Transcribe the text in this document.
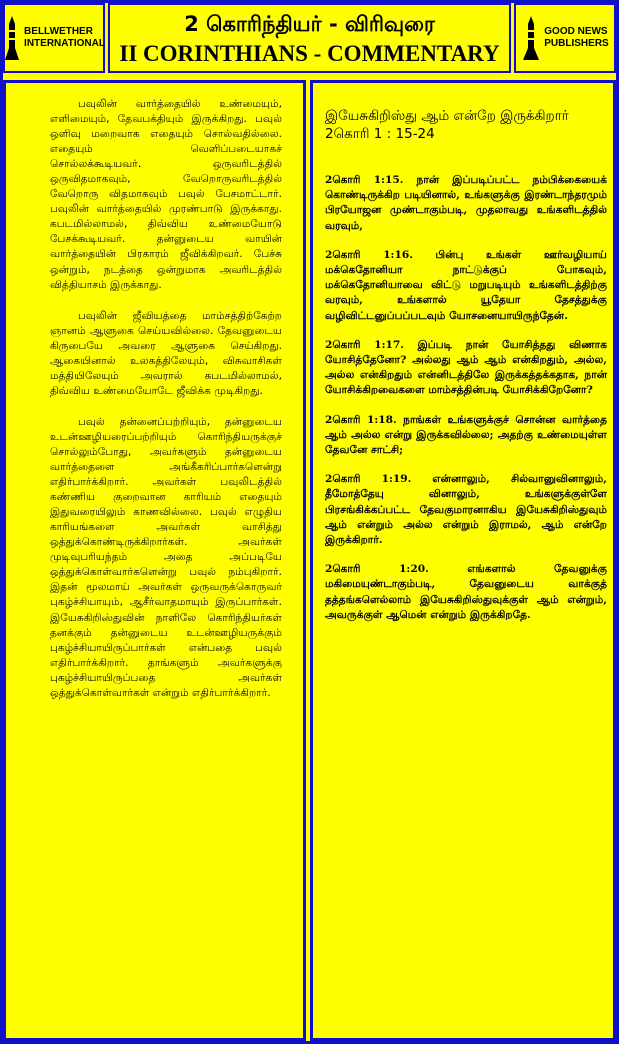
BELLWETHER
INTERNATIONAL
2 கொரிந்தியர் - விரிவுரை
II CORINTHIANS - COMMENTARY
GOOD NEWS
PUBLISHERS

பவுலின் வார்த்தையில் உண்மையும், எளிமையும், தேவபக்தியும் இருக்கிறது. பவுல் ஒளிவு மறைவாக எதையும் சொல்வதில்லை. எதையும் வெளிப்படையாகச் சொல்லக்கூடியவர். ஒருவரிடத்தில் ஒருவிதமாகவும், வேறொருவரிடத்தில் வேறொரு விதமாகவும் பவுல் பேசமாட்டார். பவுலின் வார்த்தையில் முரண்பாடு இருக்காது. கபடமில்லாமல், திவ்விய உண்மையோடு பேசக்கூடியவர். தன்னுடைய வாயின் வார்த்தையின் பிரகாரம் ஜீவிக்கிறவர். பேச்சு ஒன்றும், நடத்தை ஒன்றுமாக அவரிடத்தில் வித்தியாசம் இருக்காது.

பவுலின் ஜீவியத்தை மாம்சத்திற்கேற்ற ஞானம் ஆளுகை செய்யவில்லை. தேவனுடைய கிருபையே அவரை ஆளுகை செய்கிறது. ஆகையினால் உலகத்திலேயும், விசுவாசிகள் மத்தியிலேயும் அவரால் கபடமில்லாமல், திவ்விய உண்மையோடே ஜீவிக்க முடிகிறது.

பவுல் தன்னைப்பற்றியும், தன்னுடைய உடன்ஊழியரைப்பற்றியும் கொரிந்தியருக்குச் சொல்லும்போது, அவர்களும் தன்னுடைய வார்த்தைளை அங்கீகரிப்பார்களென்று எதிர்பார்க்கிறார். அவர்கள் பவுலிடத்தில் கண்ணிய குறைவான காரியம் எதையும் இதுவரையிலும் காணவில்லை. பவுல் எழுதிய காரியங்களை அவர்கள் வாசித்து ஒத்துக்கொண்டிருக்கிறார்கள். அவர்கள் முடிவுபரியந்தம் அதை அப்படியே ஒத்துக்கொள்வார்களென்று பவுல் நம்புகிறார். இதன் மூலமாய் அவர்கள் ஒருவருக்கொருவர் புகழ்ச்சியாயும், ஆசீர்வாதமாயும் இருப்பார்கள். இயேசுகிறிஸ்துவின் நாளிலே கொரிந்தியர்கள் தனக்கும் தன்னுடைய உடன்ஊழியருக்கும் புகழ்ச்சியாயிருப்பார்கள் என்பதை பவுல் எதிர்பார்க்கிறார். தாங்களும் அவர்களுக்கு புகழ்ச்சியாயிருப்பதை அவர்கள் ஒத்துக்கொள்வார்கள் என்றும் எதிர்பார்க்கிறார்.

இயேசுகிறிஸ்து ஆம் என்றே இருக்கிறார்
2கொரி 1 : 15-24

2கொரி 1:15. நான் இப்படிப்பட்ட நம்பிக்கையைக் கொண்டிருக்கிற படியினால், உங்களுக்கு இரண்டாந்தரமும் பிரயோஜன முண்டாகும்படி, முதலாவது உங்களிடத்தில் வரவும்,

2கொரி 1:16. பின்பு உங்கள் ஊர்வழியாய் மக்கெதோனியா நாட்டுக்குப் போகவும், மக்கெதோனியாவை விட்டு மறுபடியும் உங்களிடத்திற்கு வரவும், உங்களால் யூதேயா தேசத்துக்கு வழிவிட்டனுப்பப்படவும் யோசனையாயிருந்தேன்.

2கொரி 1:17. இப்படி நான் யோசித்தது விணாக யோசித்தேனோ? அல்லது ஆம் ஆம் என்கிறதும், அல்ல, அல்ல என்கிறதும் என்னிடத்திலே இருக்கத்தக்கதாக, நான் யோசிக்கிறவைகளை மாம்சத்தின்படி யோசிக்கிறேனோ?

2கொரி 1:18. நாங்கள் உங்களுக்குச் சொன்ன வார்த்தை ஆம் அல்ல என்று இருக்கவில்லை; அதற்கு உண்மையுள்ள தேவனே சாட்சி;

2கொரி 1:19. என்னாலும், சில்வானுவினாலும், தீமோத்தேயு வினாலும், உங்களுக்குள்ளே பிரசங்கிக்கப்பட்ட தேவகுமாரனாகிய இயேசுகிறிஸ்துவும் ஆம் என்றும் அல்ல என்றும் இராமல், ஆம் என்றே இருக்கிறார்.

2கொரி 1:20. எங்களால் தேவனுக்கு மகிமையுண்டாகும்படி, தேவனுடைய வாக்குத் தத்தங்களெல்லாம் இயேசுகிறிஸ்துவுக்குள் ஆம் என்றும், அவருக்குள் ஆமென் என்றும் இருக்கிறதே.
